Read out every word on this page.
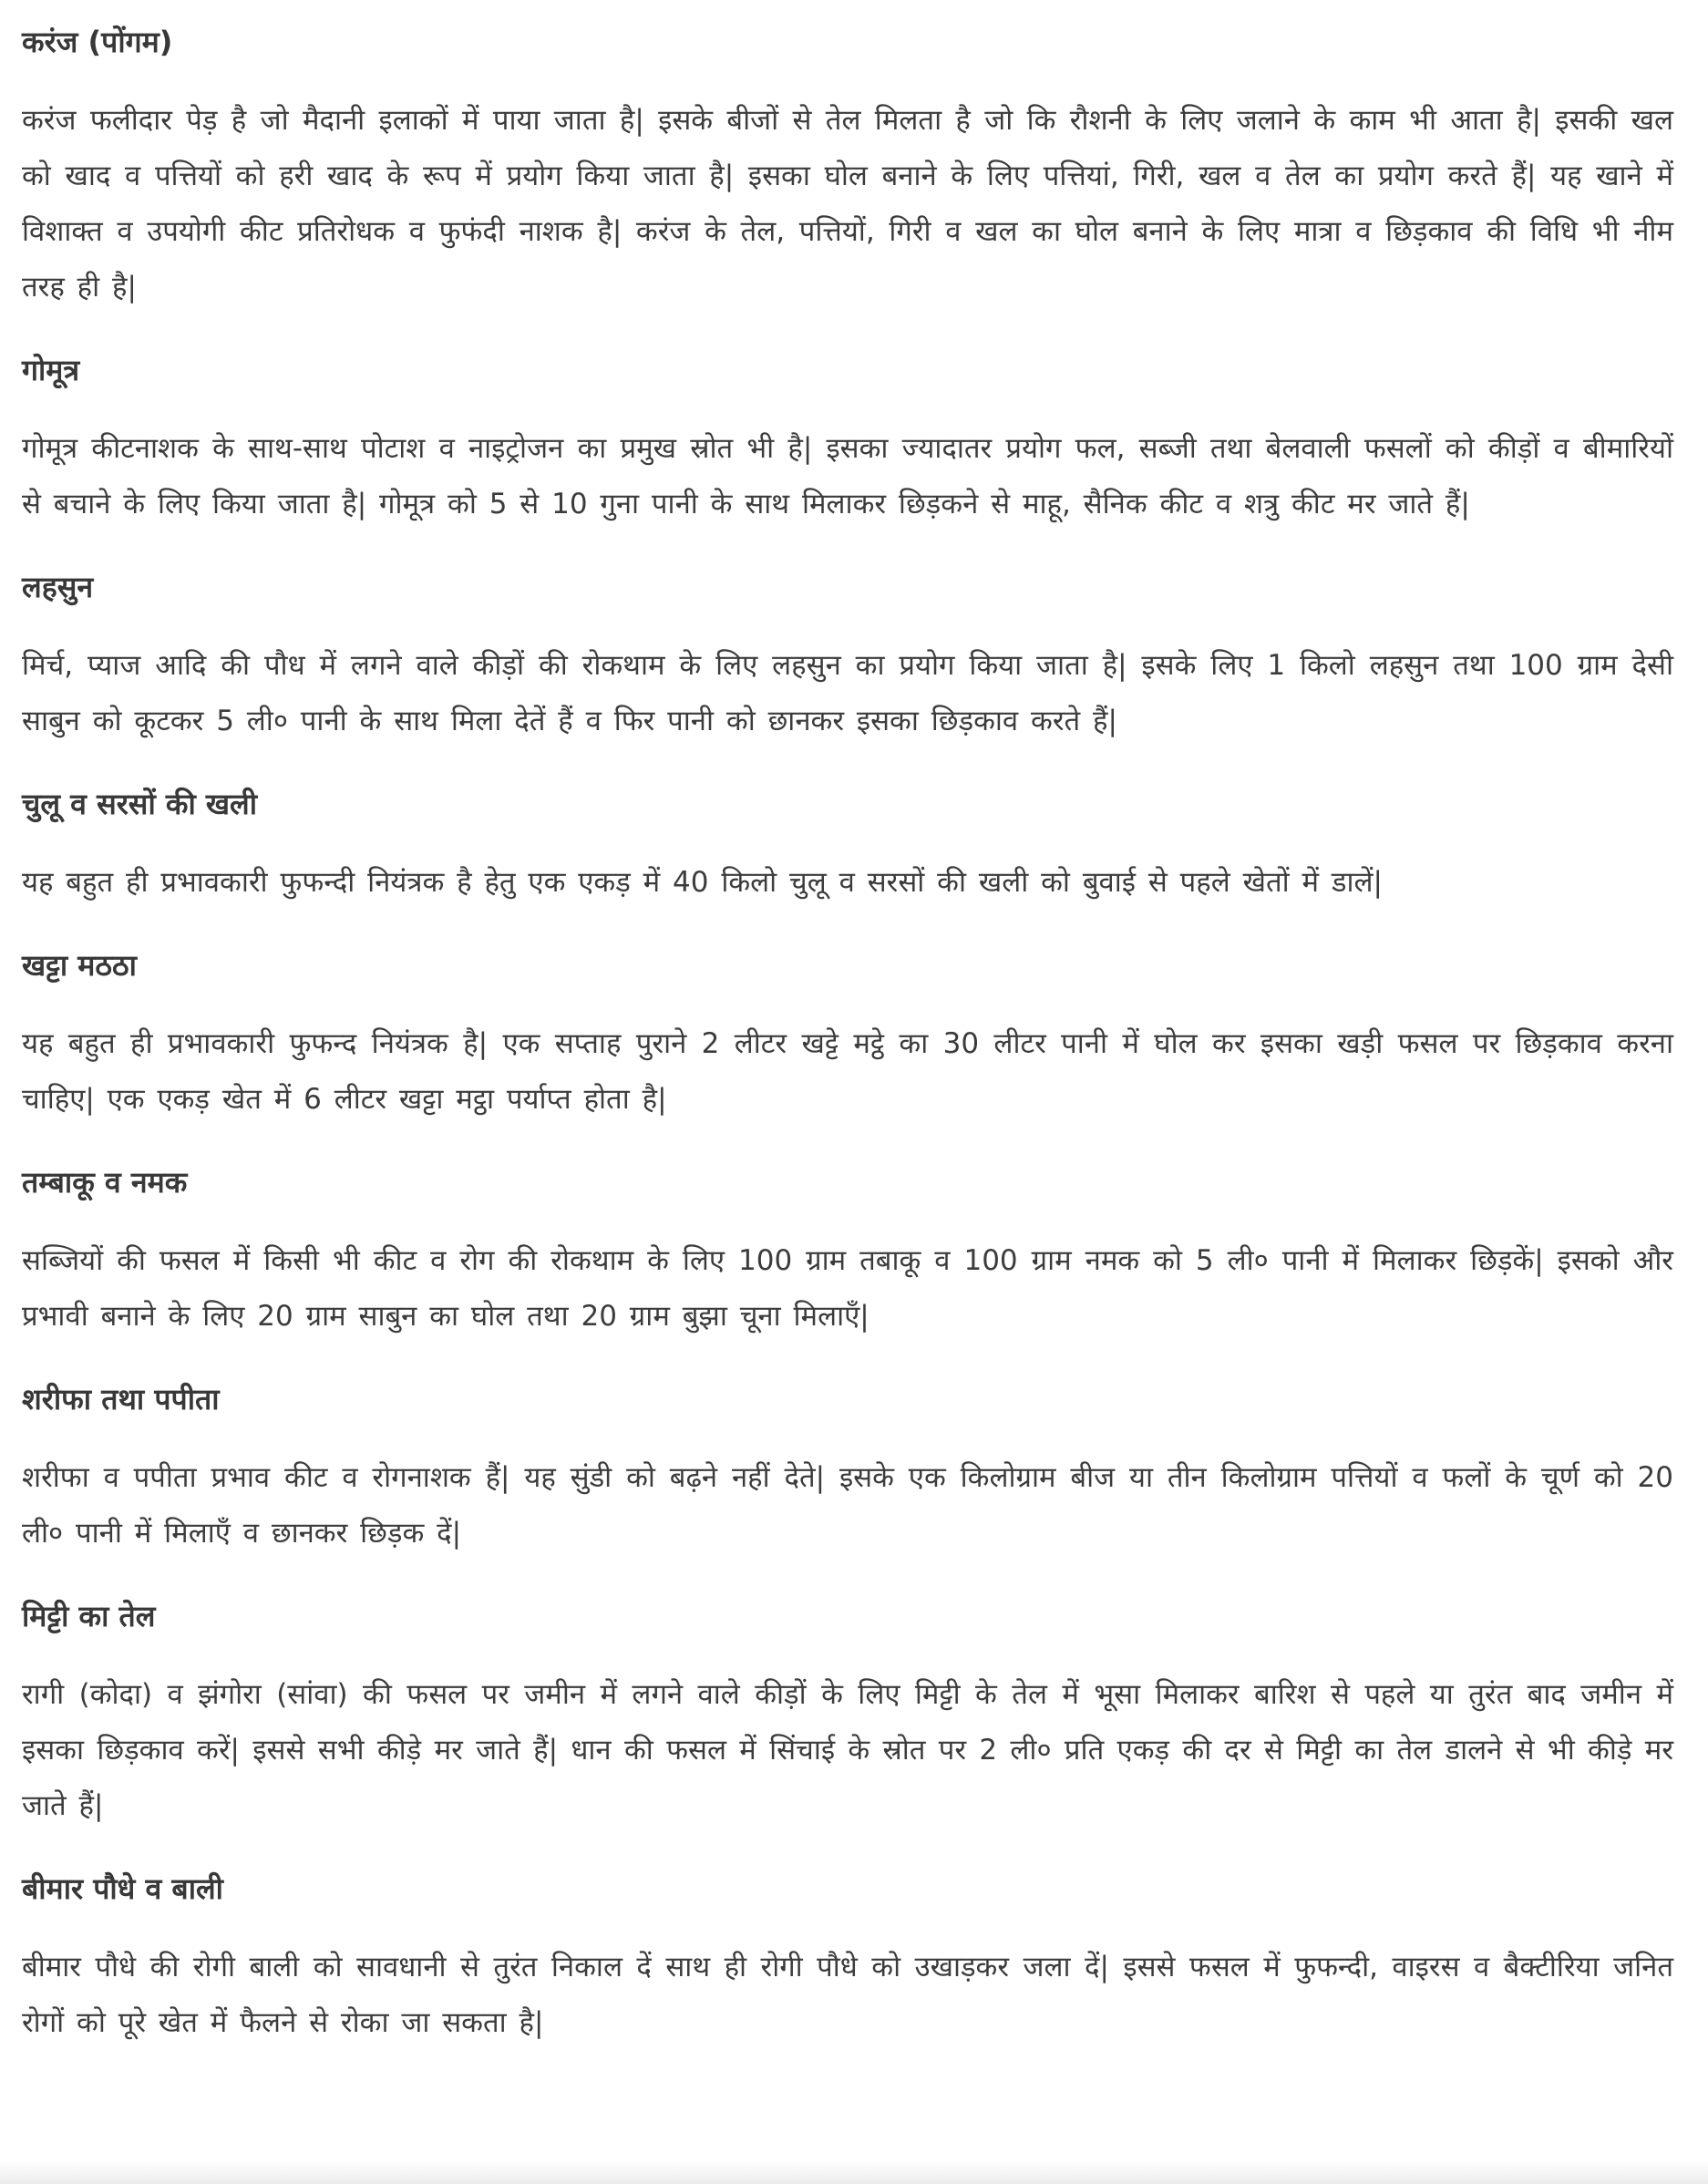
करंज (पोंगम)
करंज फलीदार पेड़ है जो मैदानी इलाकों में पाया जाता है| इसके बीजों से तेल मिलता है जो कि रौशनी के लिए जलाने के काम भी आता है| इसकी खल को खाद व पत्तियों को हरी खाद के रूप में प्रयोग किया जाता है| इसका घोल बनाने के लिए पत्तियां, गिरी, खल व तेल का प्रयोग करते हैं| यह खाने में विशाक्त व उपयोगी कीट प्रतिरोधक व फुफंदी नाशक है| करंज के तेल, पत्तियों, गिरी व खल का घोल बनाने के लिए मात्रा व छिड़काव की विधि भी नीम तरह ही है|
गोमूत्र
गोमूत्र कीटनाशक के साथ-साथ पोटाश व नाइट्रोजन का प्रमुख स्रोत भी है| इसका ज्यादातर प्रयोग फल, सब्जी तथा बेलवाली फसलों को कीड़ों व बीमारियों से बचाने के लिए किया जाता है| गोमूत्र को 5 से 10 गुना पानी के साथ मिलाकर छिड़कने से माहू, सैनिक कीट व शत्रु कीट मर जाते हैं|
लहसुन
मिर्च, प्याज आदि की पौध में लगने वाले कीड़ों की रोकथाम के लिए लहसुन का प्रयोग किया जाता है| इसके लिए 1 किलो लहसुन तथा 100 ग्राम देसी साबुन को कूटकर 5 ली० पानी के साथ मिला देतें हैं व फिर पानी को छानकर इसका छिड़काव करते हैं|
चुलू व सरसों की खली
यह बहुत ही प्रभावकारी फुफन्दी नियंत्रक है हेतु एक एकड़ में 40 किलो चुलू व सरसों की खली को बुवाई से पहले खेतों में डालें|
खट्टा मठठा
यह बहुत ही प्रभावकारी फुफन्द नियंत्रक है| एक सप्ताह पुराने 2 लीटर खट्टे मट्ठे का 30 लीटर पानी में घोल कर इसका खड़ी फसल पर छिड़काव करना चाहिए| एक एकड़ खेत में 6 लीटर खट्टा मट्ठा पर्याप्त होता है|
तम्बाकू व नमक
सब्जियों की फसल में किसी भी कीट व रोग की रोकथाम के लिए 100 ग्राम तबाकू व 100 ग्राम नमक को 5 ली० पानी में मिलाकर छिड़कें| इसको और प्रभावी बनाने के लिए 20 ग्राम साबुन का घोल तथा 20 ग्राम बुझा चूना मिलाएँ|
शरीफा तथा पपीता
शरीफा व पपीता प्रभाव कीट व रोगनाशक हैं| यह सुंडी को बढ़ने नहीं देते| इसके एक किलोग्राम बीज या तीन किलोग्राम पत्तियों व फलों के चूर्ण को 20 ली० पानी में मिलाएँ व छानकर छिड़क दें|
मिट्टी का तेल
रागी (कोदा) व झंगोरा (सांवा) की फसल पर जमीन में लगने वाले कीड़ों के लिए मिट्टी के तेल में भूसा मिलाकर बारिश से पहले या तुरंत बाद जमीन में इसका छिड़काव करें| इससे सभी कीड़े मर जाते हैं| धान की फसल में सिंचाई के स्रोत पर 2 ली० प्रति एकड़ की दर से मिट्टी का तेल डालने से भी कीड़े मर जाते हैं|
बीमार पौधे व बाली
बीमार पौधे की रोगी बाली को सावधानी से तुरंत निकाल दें साथ ही रोगी पौधे को उखाड़कर जला दें| इससे फसल में फुफन्दी, वाइरस व बैक्टीरिया जनित रोगों को पूरे खेत में फैलने से रोका जा सकता है|
